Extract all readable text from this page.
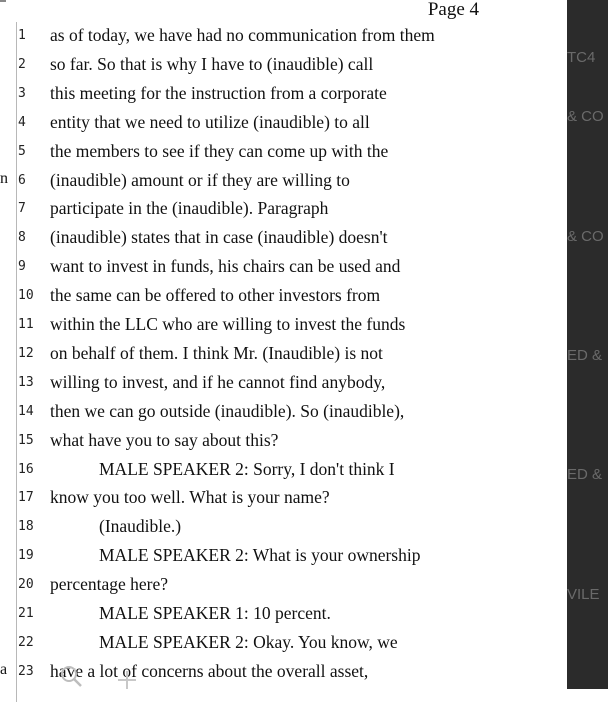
n
a
Page 4
1	as of today, we have had no communication from them
2	so far. So that is why I have to (inaudible) call
3	this meeting for the instruction from a corporate
4	entity that we need to utilize (inaudible) to all
5	the members to see if they can come up with the
6	(inaudible) amount or if they are willing to
7	participate in the (inaudible). Paragraph
8	(inaudible) states that in case (inaudible) doesn't
9	want to invest in funds, his chairs can be used and
10 the same can be offered to other investors from
11 within the LLC who are willing to invest the funds
12 on behalf of them. I think Mr. (Inaudible) is not
13 willing to invest, and if he cannot find anybody,
14 then we can go outside (inaudible). So (inaudible),
15 what have you to say about this?
16	MALE SPEAKER 2: Sorry, I don't think I
17 know you too well. What is your name?
18	(Inaudible.)
19	MALE SPEAKER 2: What is your ownership
20 percentage here?
21	MALE SPEAKER 1: 10 percent.
22	MALE SPEAKER 2: Okay. You know, we
23 have a lot of concerns about the overall asset,
TC4
& CO
& CO
ED &
ED &
VILE
